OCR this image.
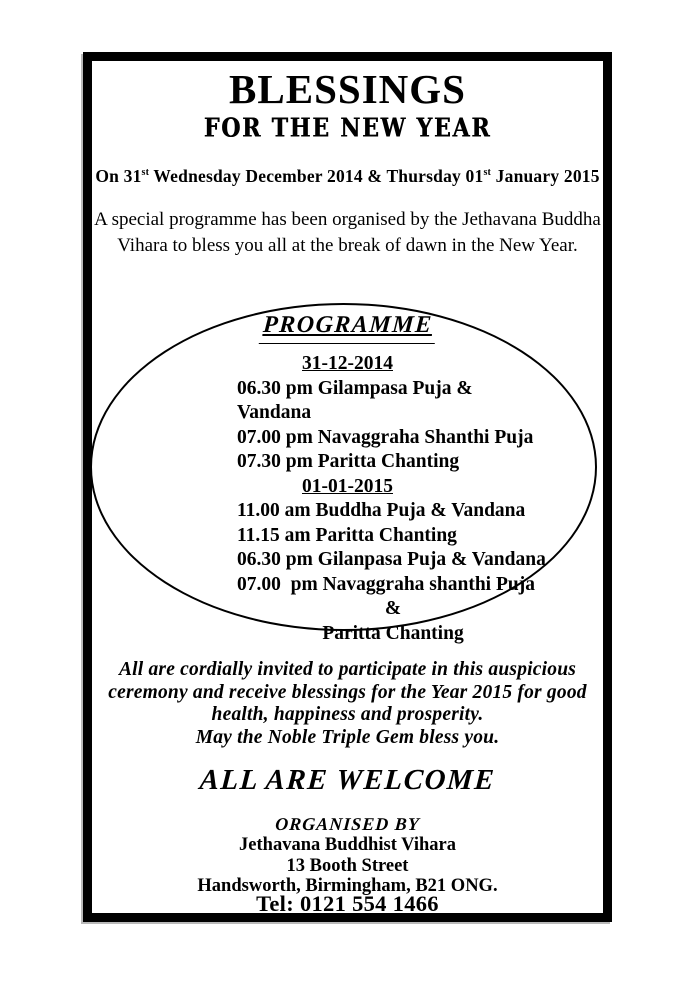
BLESSINGS
FOR THE NEW YEAR
On 31st Wednesday December 2014 & Thursday 01st January 2015
A special programme has been organised by the Jethavana Buddha Vihara to bless you all at the break of dawn in the New Year.
PROGRAMME
31-12-2014
06.30 pm Gilampasa Puja & Vandana
07.00 pm Navaggraha Shanthi Puja
07.30 pm Paritta Chanting
01-01-2015
11.00 am Buddha Puja & Vandana
11.15 am Paritta Chanting
06.30 pm Gilanpasa Puja & Vandana
07.00  pm Navaggraha shanthi Puja
&
Paritta Chanting
All are cordially invited to participate in this auspicious
ceremony and receive blessings for the Year 2015 for good
health, happiness and prosperity.
May the Noble Triple Gem bless you.
ALL ARE WELCOME
ORGANISED BY
Jethavana Buddhist Vihara
13 Booth Street
Handsworth, Birmingham, B21 ONG.
Tel: 0121 554 1466
